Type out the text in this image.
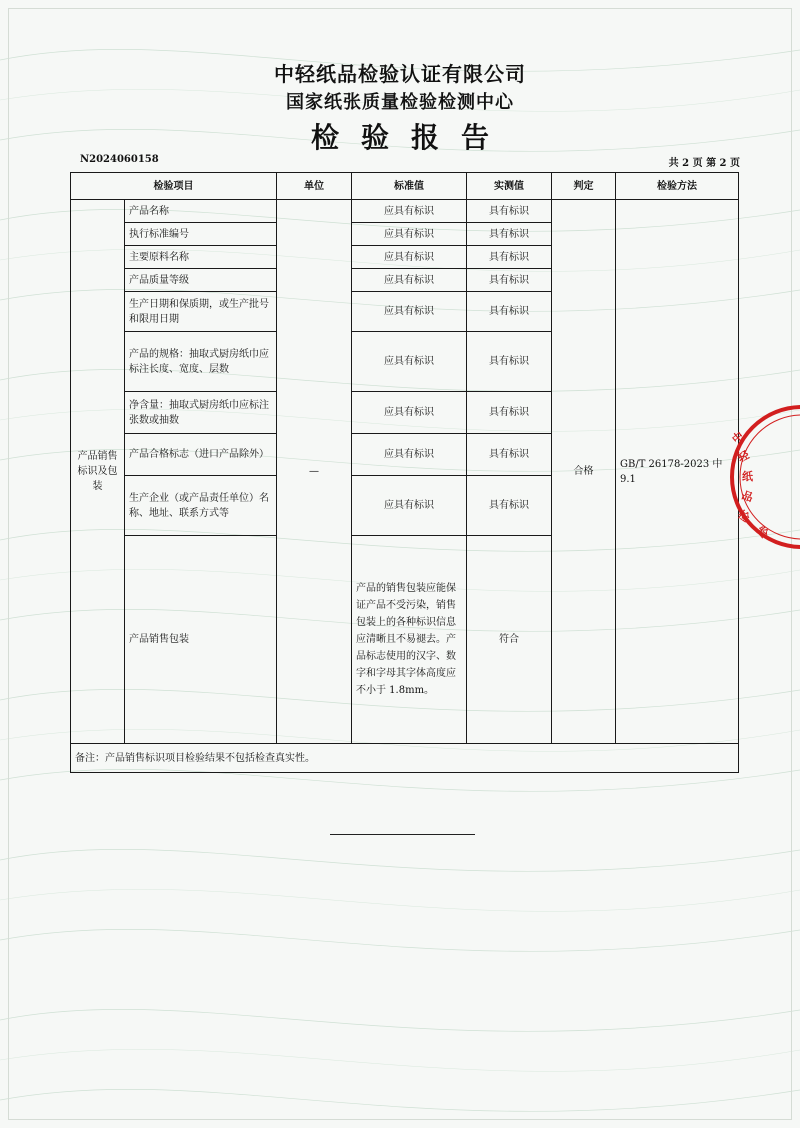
中轻纸品检验认证有限公司
国家纸张质量检验检测中心
检验报告
N2024060158	共 2 页 第 2 页
检验项目		单位	标准值	实测值	判定	检验方法
产品销售标识及包装	产品名称	—	应具有标识	具有标识	合格	GB/T 26178-2023 中 9.1
	执行标准编号		应具有标识	具有标识		
	主要原料名称		应具有标识	具有标识		
	产品质量等级		应具有标识	具有标识		
	生产日期和保质期，或生产批号和限用日期		应具有标识	具有标识		
	产品的规格：抽取式厨房纸巾应标注长度、宽度、层数		应具有标识	具有标识		
	净含量：抽取式厨房纸巾应标注张数或抽数		应具有标识	具有标识		
	产品合格标志（进口产品除外）		应具有标识	具有标识		
	生产企业（或产品责任单位）名称、地址、联系方式等		应具有标识	具有标识		
	产品销售包装		产品的销售包装应能保证产品不受污染，销售包装上的各种标识信息应清晰且不易褪去。产品标志使用的汉字、数字和字母其字体高度应不小于 1.8mm。	符合		
备注：产品销售标识项目检验结果不包括检查真实性。						
中
轻
纸
品
检
验
